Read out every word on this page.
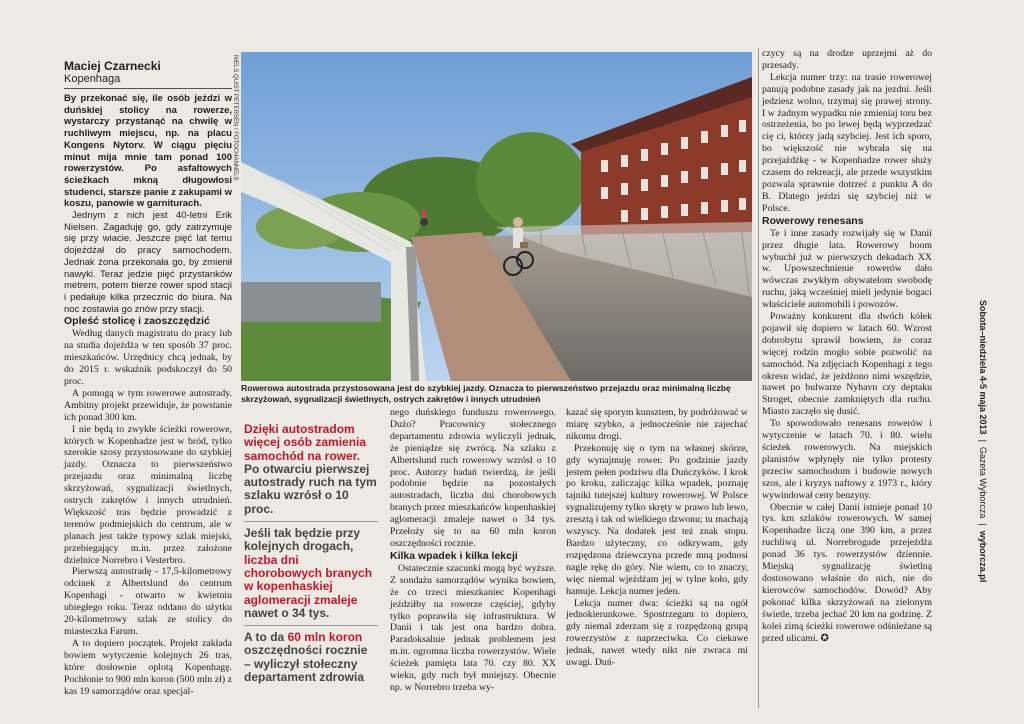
Maciej Czarnecki
Kopenhaga
By przekonać się, ile osób jeździ w duńskiej stolicy na rowerze, wystarczy przystanąć na chwilę w ruchliwym miejscu, np. na placu Kongens Nytorv. W ciągu pięciu minut mija mnie tam ponad 100 rowerzystów. Po asfaltowych ścieżkach mkną długowłosi studenci, starsze panie z zakupami w koszu, panowie w garniturach.
Jednym z nich jest 40-letni Erik Nielsen. Zagaduję go, gdy zatrzymuje się przy wiacie. Jeszcze pięć lat temu dojeżdżał do pracy samochodem. Jednak żona przekonała go, by zmienił nawyki. Teraz jedzie pięć przystanków metrem, potem bierze rower spod stacji i pedałuje kilka przecznic do biura. Na noc zostawia go znów przy stacji.

Opleść stolicę i zaoszczędzić

Według danych magistratu do pracy lub na studia dojeżdża w ten sposób 37 proc. mieszkańców. Urzędnicy chcą jednak, by do 2015 r. wskaźnik podskoczył do 50 proc.

A pomogą w tym rowerowe autostrady. Ambitny projekt przewiduje, że powstanie ich ponad 300 km.

I nie będą to zwykłe ścieżki rowerowe, których w Kopenhadze jest w bród, tylko szerokie szosy przystosowane do szybkiej jazdy. Oznacza to pierwszeństwo przejazdu oraz minimalną liczbę skrzyżowań, sygnalizacji świetlnych, ostrych zakrętów i innych utrudnień. Większość tras będzie prowadzić z terenów podmiejskich do centrum, ale w planach jest także typowy szlak miejski, przebiegający m.in. przez założone dzielnice Norrebro i Vesterbro.

Pierwszą autostradę - 17,5-kilometrowy odcinek z Albertslund do centrum Kopenhagi - otwarto w kwietniu ubiegłego roku. Teraz oddano do użytku 20-kilometrowy szlak ze stolicy do miasteczka Farum.

A to dopiero początek. Projekt zakłada bowiem wytyczenie kolejnych 26 tras, które dosłownie oplotą Kopenhagę. Pochłonie to 900 mln koron (500 mln zł) z kas 19 samorządów oraz specjal-

NIELS QUIST PETERSEN / FOTOCHANNELS
Rowerowa autostrada przystosowana jest do szybkiej jazdy. Oznacza to pierwszeństwo przejazdu oraz minimalną liczbę skrzyżowań, sygnalizacji świetlnych, ostrych zakrętów i innych utrudnień
Dzięki autostradom więcej osób zamienia samochód na rower.
Po otwarciu pierwszej autostrady ruch na tym szlaku wzrósł o 10 proc.
Jeśli tak będzie przy kolejnych drogach,
liczba dni chorobowych branych w kopenhaskiej aglomeracji zmaleje
nawet o 34 tys.
A to da 60 mln koron oszczędności rocznie
– wyliczył stołeczny departament zdrowia

nego duńskiego funduszu rowerowego. Dużo? Pracownicy stołecznego departamentu zdrowia wyliczyli jednak, że pieniądze się zwrócą. Na szlaku z Albertslund ruch rowerowy wzrósł o 10 proc. Autorzy badań twierdzą, że jeśli podobnie będzie na pozostałych autostradach, liczba dni chorobowych branych przez mieszkańców kopenhaskiej aglomeracji zmaleje nawet o 34 tys. Przełoży się to na 60 mln koron oszczędności rocznie.

Kilka wpadek i kilka lekcji

Ostatecznie szacunki mogą być wyższe. Z sondażu samorządów wynika bowiem, że co trzeci mieszkaniec Kopenhagi jeździłby na rowerze częściej, gdyby tylko poprawiła się infrastruktura. W Danii i tak jest ona bardzo dobra. Paradoksalnie jednak problemem jest m.in. ogromna liczba rowerzystów. Wiele ścieżek pamięta lata 70. czy 80. XX wieku, gdy ruch był mniejszy. Obecnie np. w Norrebro trzeba wy-

kazać się sporym kunsztem, by podróżować w miarę szybko, a jednocześnie nie zajechać nikomu drogi.

Przekonuję się o tym na własnej skórze, gdy wynajmuję rower. Po godzinie jazdy jestem pełen podziwu dla Duńczyków. I krok po kroku, zaliczając kilka wpadek, poznaję tajniki tutejszej kultury rowerowej. W Polsce sygnalizujemy tylko skręty w prawo lub lewo, zresztą i tak od wielkiego dzwonu; tu machają wszyscy. Na dodatek jest też znak stopu. Bardzo użyteczny, co odkrywam, gdy rozpędzona dziewczyna przede mną podnosi nagle rękę do góry. Nie wiem, co to znaczy, więc niemal wjeżdżam jej w tylne koło, gdy hamuje. Lekcja numer jeden.

Lekcja numer dwa: ścieżki są na ogół jednokierunkowe. Spostrzegam to dopiero, gdy niemal zderzam się z rozpędzoną grupą rowerzystów z naprzeciwka. Co ciekawe jednak, nawet wtedy nikt nie zwraca mi uwagi. Duń-

czycy są na drodze uprzejmi aż do przesady.

Lekcja numer trzy: na trasie rowerowej panują podobne zasady jak na jezdni. Jeśli jedziesz wolno, trzymaj się prawej strony. I w żadnym wypadku nie zmieniaj toru bez ostrzeżenia, bo po lewej będą wyprzedzać cię ci, którzy jadą szybciej. Jest ich sporo, bo większość nie wybrała się na przejażdżkę - w Kopenhadze rower służy czasem do rekreacji, ale przede wszystkim pozwala sprawnie dotrzeć z punktu A do B. Dlatego jeździ się szybciej niż w Polsce.

Rowerowy renesans

Te i inne zasady rozwijały się w Danii przez długie lata. Rowerowy boom wybuchł już w pierwszych dekadach XX w. Upowszechnienie rowerów dało wówczas zwykłym obywatelom swobodę ruchu, jaką wcześniej mieli jedynie bogaci właściciele automobili i powozów.

Poważny konkurent dla dwóch kółek pojawił się dopiero w latach 60. Wzrost dobrobytu sprawił bowiem, że coraz więcej rodzin mogło sobie pozwolić na samochód. Na zdjęciach Kopenhagi z tego okresu widać, że jeżdżono nimi wszędzie, nawet po bulwarze Nyhavn czy deptaku Stroget, obecnie zamkniętych dla ruchu. Miasto zaczęło się dusić.

To spowodowało renesans rowerów i wytyczenie w latach 70. i 80. wielu ścieżek rowerowych. Na miejskich planistów wpłynęły nie tylko protesty przeciw samochodom i budowie nowych szos, ale i kryzys naftowy z 1973 r., który wywindował ceny benzyny.

Obecnie w całej Danii istnieje ponad 10 tys. km szlaków rowerowych. W samej Kopenhadze liczą one 390 km, a przez ruchliwą ul. Norrebrogade przejeżdża ponad 36 tys. rowerzystów dziennie. Miejską sygnalizację świetlną dostosowano właśnie do nich, nie do kierowców samochodów. Dowód? Aby pokonać kilka skrzyżowań na zielonym świetle, trzeba jechać 20 km na godzinę. Z kolei zimą ścieżki rowerowe odśnieżane są przed ulicami. ✪

Sobota–niedziela 4-5 maja 2013  |  Gazeta Wyborcza  |  wyborcza.pl
